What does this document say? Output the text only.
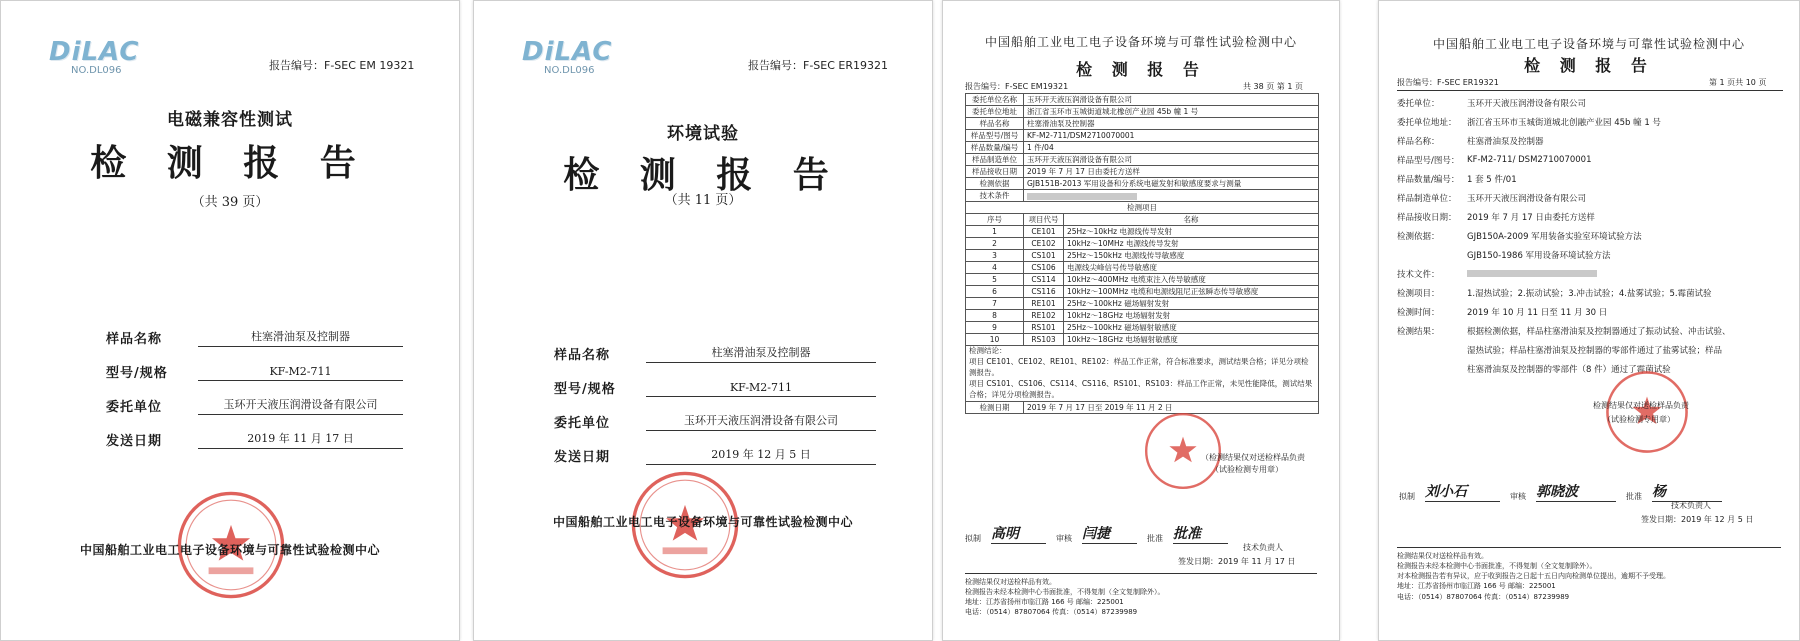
DiLAC
NO.DL096	报告编号：F-SEC EM 19321
电磁兼容性测试
检 测 报 告
（共 39 页）
样品名称	柱塞滑油泵及控制器
型号/规格	KF-M2-711
委托单位	玉环开天液压润滑设备有限公司
发送日期	2019 年 11 月 17 日
中国船舶工业电工电子设备环境与可靠性试验检测中心
DiLAC
NO.DL096	报告编号：F-SEC ER19321
环境试验
检 测 报 告
（共 11 页）
样品名称	柱塞滑油泵及控制器
型号/规格	KF-M2-711
委托单位	玉环开天液压润滑设备有限公司
发送日期	2019 年 12 月 5 日
中国船舶工业电工电子设备环境与可靠性试验检测中心
中国船舶工业电工电子设备环境与可靠性试验检测中心
检 测 报 告
报告编号：F-SEC EM19321	共 38 页 第 1 页
委托单位名称	玉环开天液压润滑设备有限公司	
委托单位地址	浙江省玉环市玉城街道城北橡创产业园 45b 幢 1 号	
样品名称	柱塞滑油泵及控制器	
样品型号/图号	KF-M2-711/DSM2710070001	
样品数量/编号	1 件/04	
样品制造单位	玉环开天液压润滑设备有限公司	
样品接收日期	2019 年 7 月 17 日由委托方送样	
检测依据	GJB151B-2013 军用设备和分系统电磁发射和敏感度要求与测量	
技术条件		
检测项目		
序号	项目代号	名称
1	CE101	25Hz～10kHz 电源线传导发射
2	CE102	10kHz～10MHz 电源线传导发射
3	CS101	25Hz～150kHz 电源线传导敏感度
4	CS106	电源线尖峰信号传导敏感度
5	CS114	10kHz～400MHz 电缆束注入传导敏感度
6	CS116	10kHz～100MHz 电缆和电源线阻尼正弦瞬态传导敏感度
7	RE101	25Hz～100kHz 磁场辐射发射
8	RE102	10kHz～18GHz 电场辐射发射
9	RS101	25Hz～100kHz 磁场辐射敏感度
10	RS103	10kHz～18GHz 电场辐射敏感度

检测结论：
项目 CE101、CE102、RE101、RE102：样品工作正常，符合标准要求，测试结果合格；详见分项检测报告。
项目 CS101、CS106、CS114、CS116、RS101、RS103：样品工作正常，未见性能降低，测试结果合格；详见分项检测报告。		

检测日期	2019 年 7 月 17 日至 2019 年 11 月 2 日	
（检测结果仅对送检样品负责
（试验检测专用章）
拟制 高明	审核 闫捷	批准 批准
技术负责人
签发日期：2019 年 11 月 17 日
检测结果仅对送检样品有效。
检测报告未经本检测中心书面批准，不得复制（全文复制除外）。
地址：江苏省扬州市临江路 166 号 邮编：225001
电话：（0514）87807064 传真：（0514）87239989
中国船舶工业电工电子设备环境与可靠性试验检测中心
检 测 报 告
报告编号：F-SEC ER19321	第 1 页共 10 页
委托单位：	玉环开天液压润滑设备有限公司
委托单位地址：	浙江省玉环市玉城街道城北创融产业园 45b 幢 1 号
样品名称：	柱塞滑油泵及控制器
样品型号/图号： KF-M2-711/ DSM2710070001
样品数量/编号： 1 套 5 件/01
样品制造单位：	玉环开天液压润滑设备有限公司
样品接收日期：	2019 年 7 月 17 日由委托方送样
检测依据：	GJB150A-2009 军用装备实验室环境试验方法
GJB150-1986 军用设备环境试验方法
技术文件：
检测项目：	1.湿热试验；2.振动试验；3.冲击试验；4.盐雾试验；5.霉菌试验
检测时间：	2019 年 10 月 11 日至 11 月 30 日
检测结果：	根据检测依据，样品柱塞滑油泵及控制器通过了振动试验、冲击试验、
湿热试验；样品柱塞滑油泵及控制器的零部件通过了盐雾试验；样品
柱塞滑油泵及控制器的零部件（8 件）通过了霉菌试验
检测结果仅对送检样品负责
（试验检测专用章）
拟制 刘小石	审核 郭晓波	批准 杨
技术负责人
签发日期：2019 年 12 月 5 日
检测结果仅对送检样品有效。
检测报告未经本检测中心书面批准，不得复制（全文复制除外）。
对本检测报告若有异议，应于收到报告之日起十五日内向检测单位提出，逾期不予受理。
地址：江苏省扬州市临江路 166 号 邮编：225001
电话：（0514）87807064 传真：（0514）87239989
